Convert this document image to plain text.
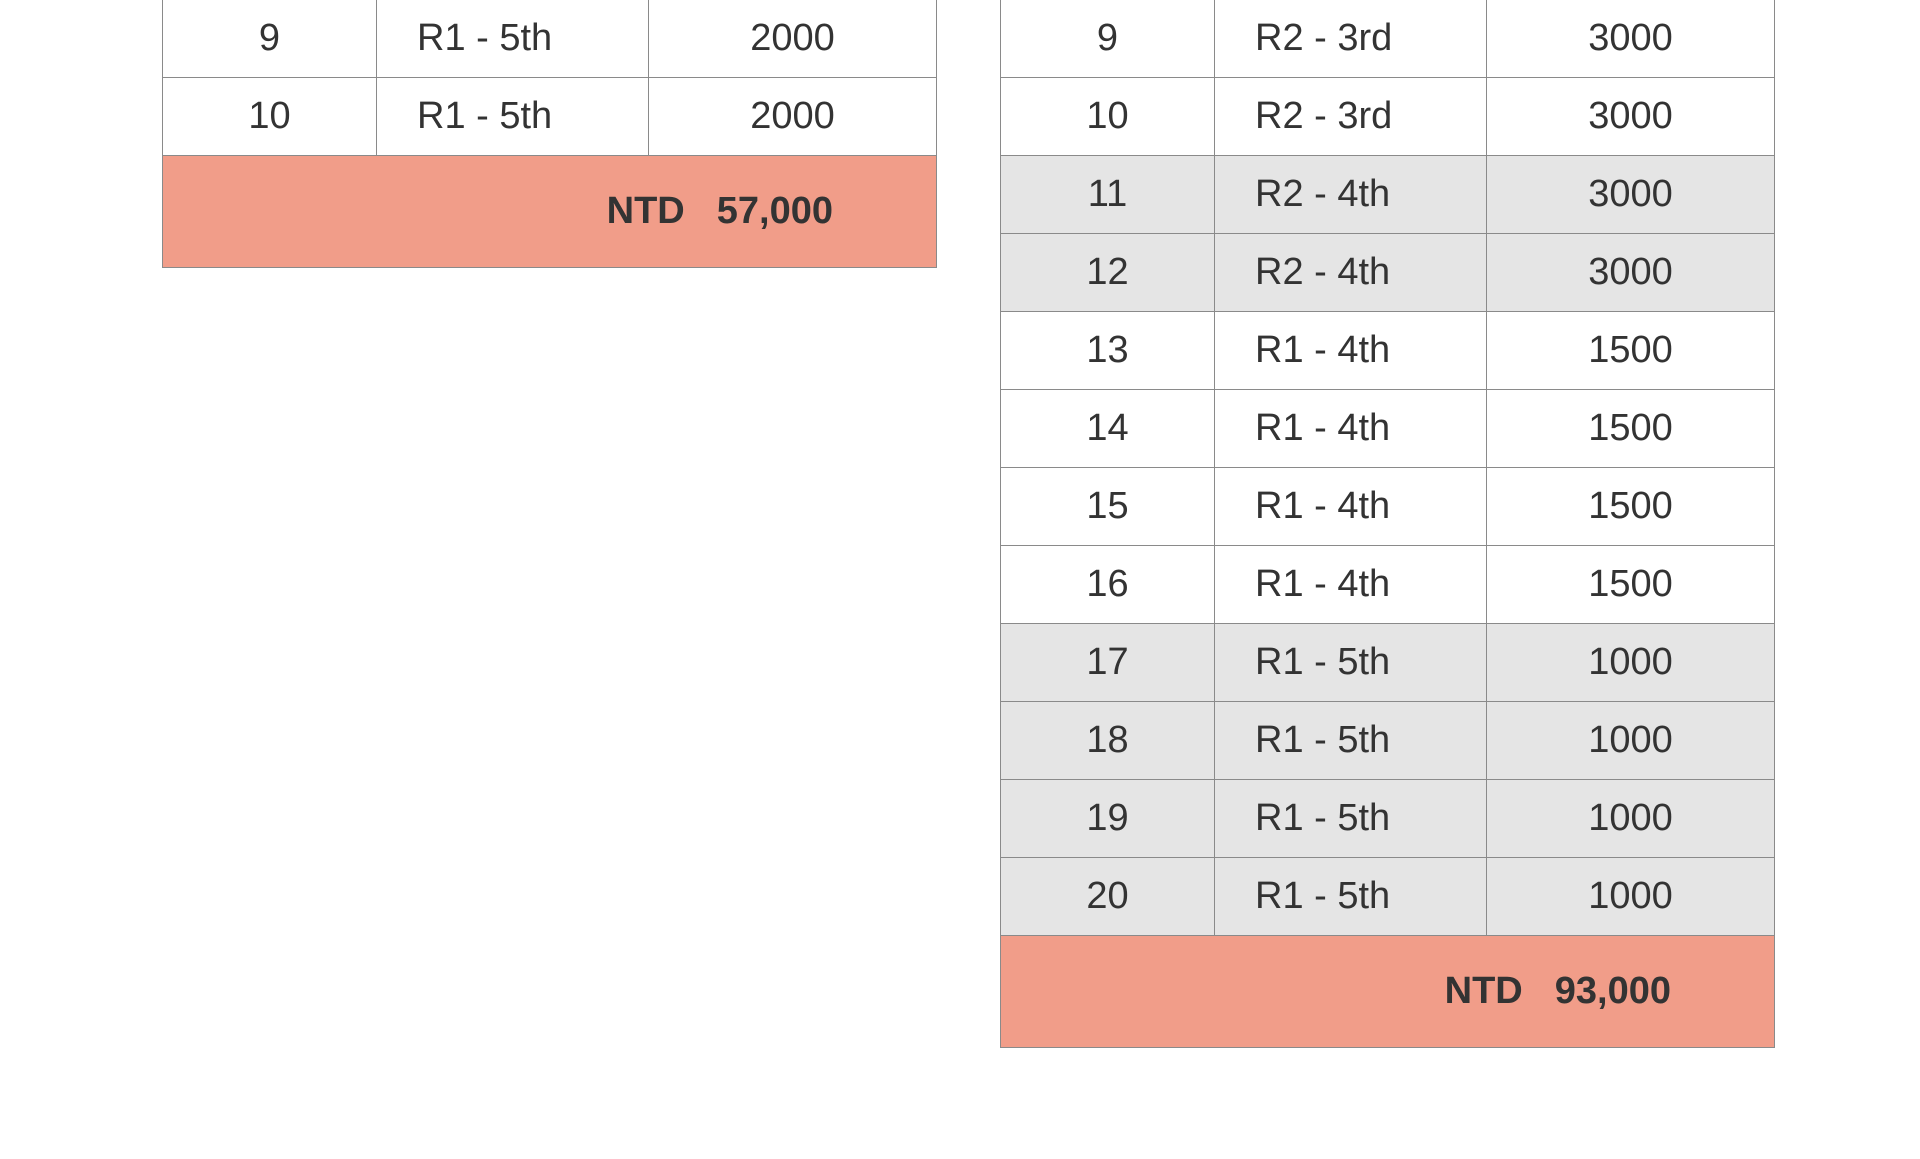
9	R1 - 5th	2000
10	R1 - 5th	2000
NTD 57,000		
9	R2 - 3rd	3000
10	R2 - 3rd	3000
11	R2 - 4th	3000
12	R2 - 4th	3000
13	R1 - 4th	1500
14	R1 - 4th	1500
15	R1 - 4th	1500
16	R1 - 4th	1500
17	R1 - 5th	1000
18	R1 - 5th	1000
19	R1 - 5th	1000
20	R1 - 5th	1000
NTD 93,000		
